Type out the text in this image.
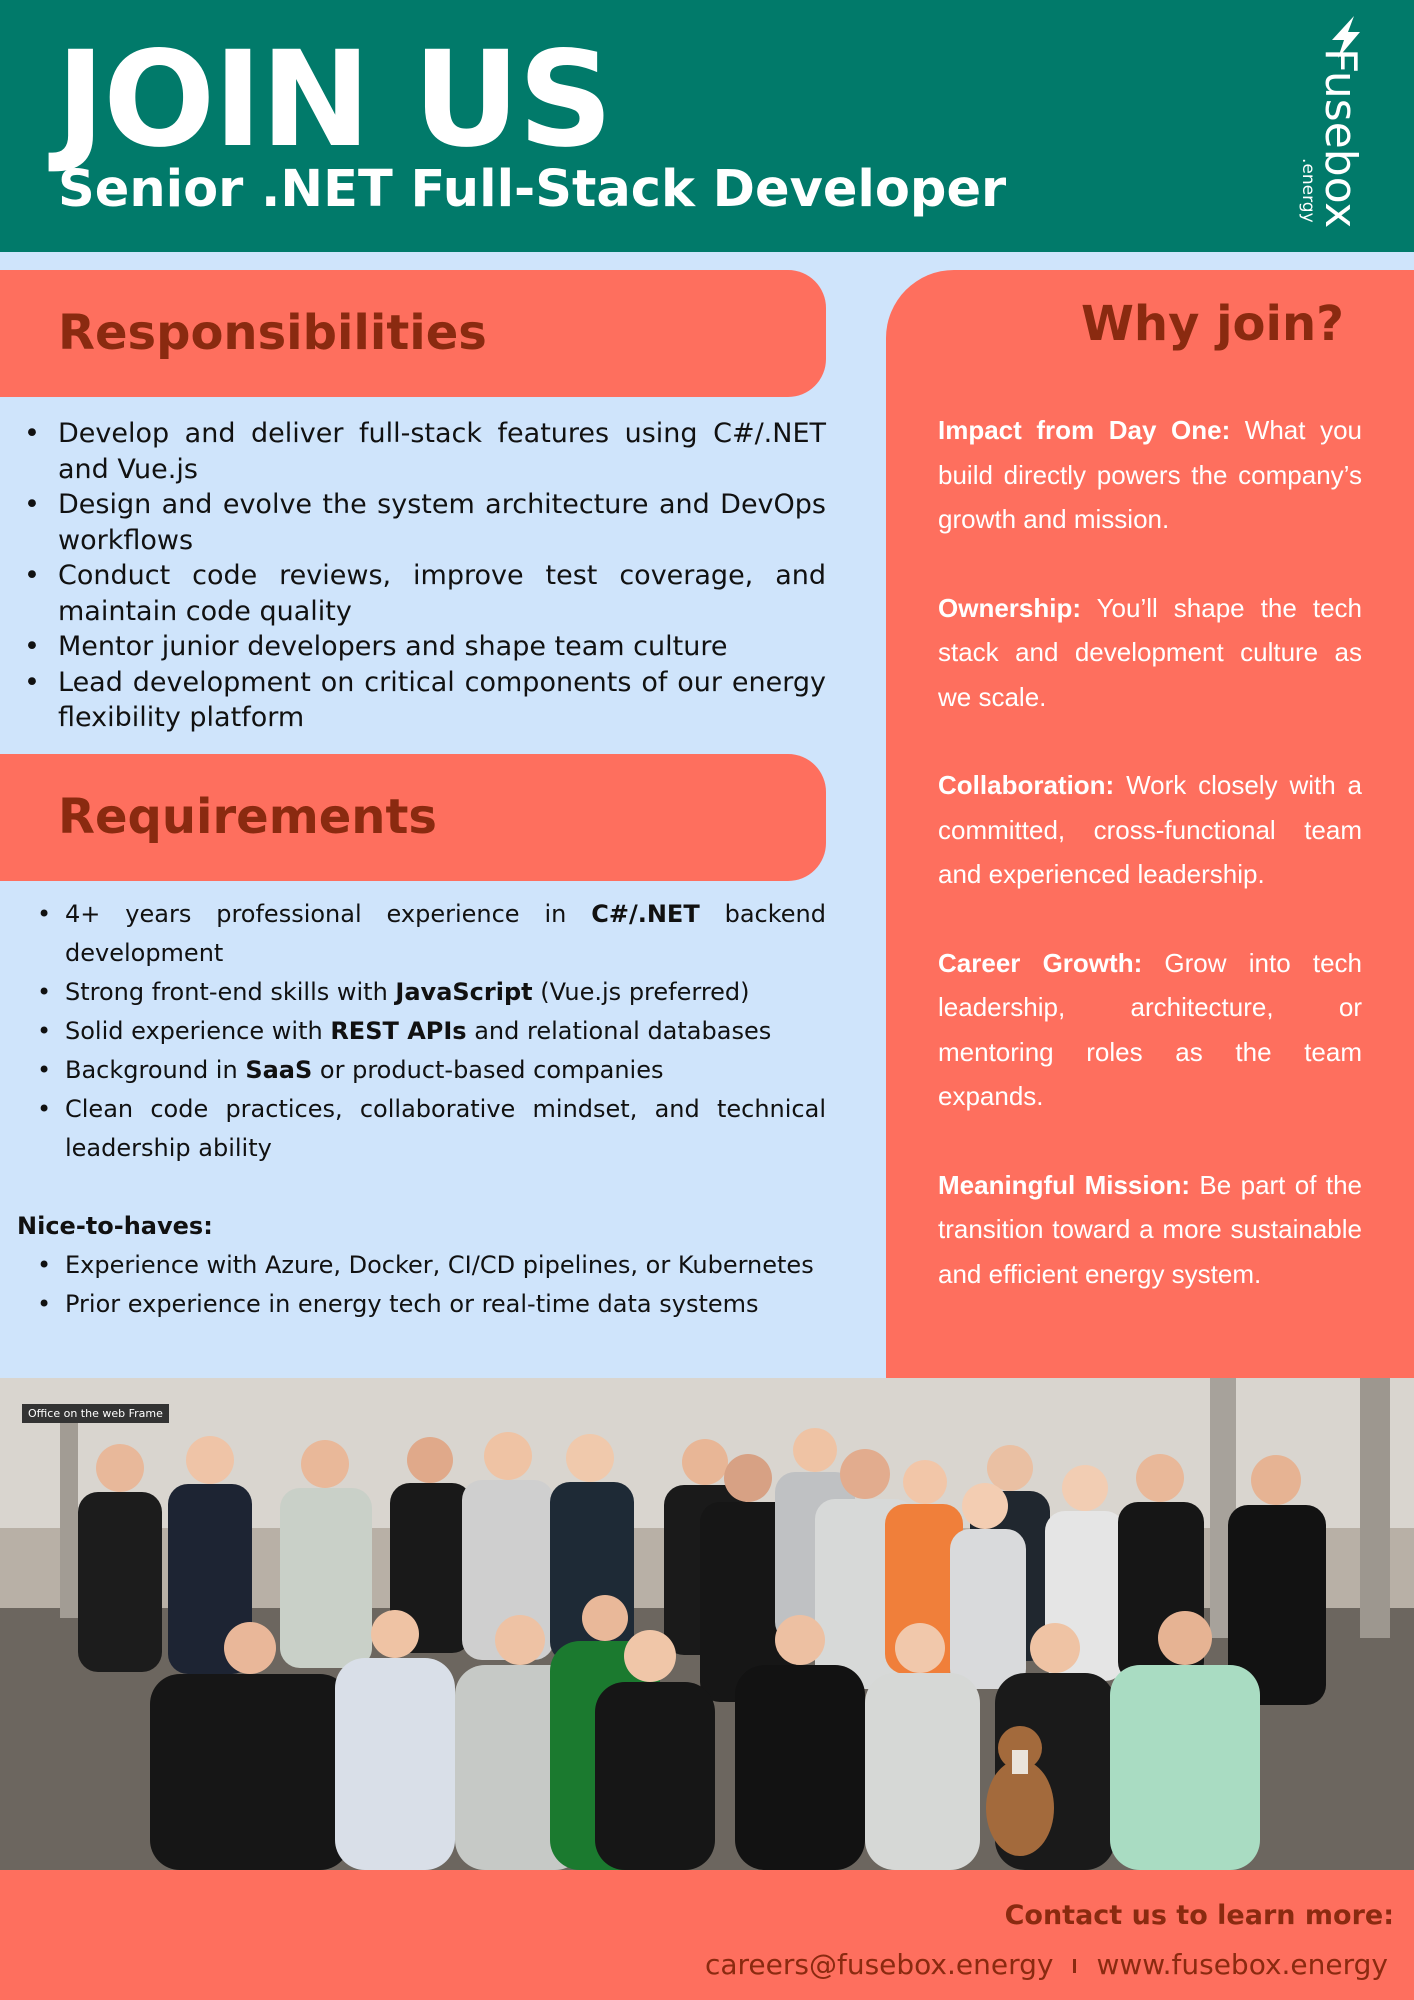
JOIN US
Senior .NET Full-Stack Developer	Fusebox
.energy
Responsibilities
• Develop and deliver full-stack features using C#/.NET and Vue.js
• Design and evolve the system architecture and DevOps workflows
• Conduct code reviews, improve test coverage, and maintain code quality
• Mentor junior developers and shape team culture
• Lead development on critical components of our energy flexibility platform
Requirements
• 4+ years professional experience in C#/.NET backend development
• Strong front-end skills with JavaScript (Vue.js preferred)
• Solid experience with REST APIs and relational databases
• Background in SaaS or product-based companies
• Clean code practices, collaborative mindset, and technical leadership ability
Nice-to-haves:
• Experience with Azure, Docker, CI/CD pipelines, or Kubernetes
• Prior experience in energy tech or real-time data systems
Why join?

Impact from Day One: What you build directly powers the company’s growth and mission.

Ownership: You’ll shape the tech stack and development culture as we scale.

Collaboration: Work closely with a committed, cross-functional team and experienced leadership.

Career Growth: Grow into tech leadership, architecture, or mentoring roles as the team expands.

Meaningful Mission: Be part of the transition toward a more sustainable and efficient energy system.

Office on the web Frame
Contact us to learn more:
careers@fusebox.energy www.fusebox.energy
